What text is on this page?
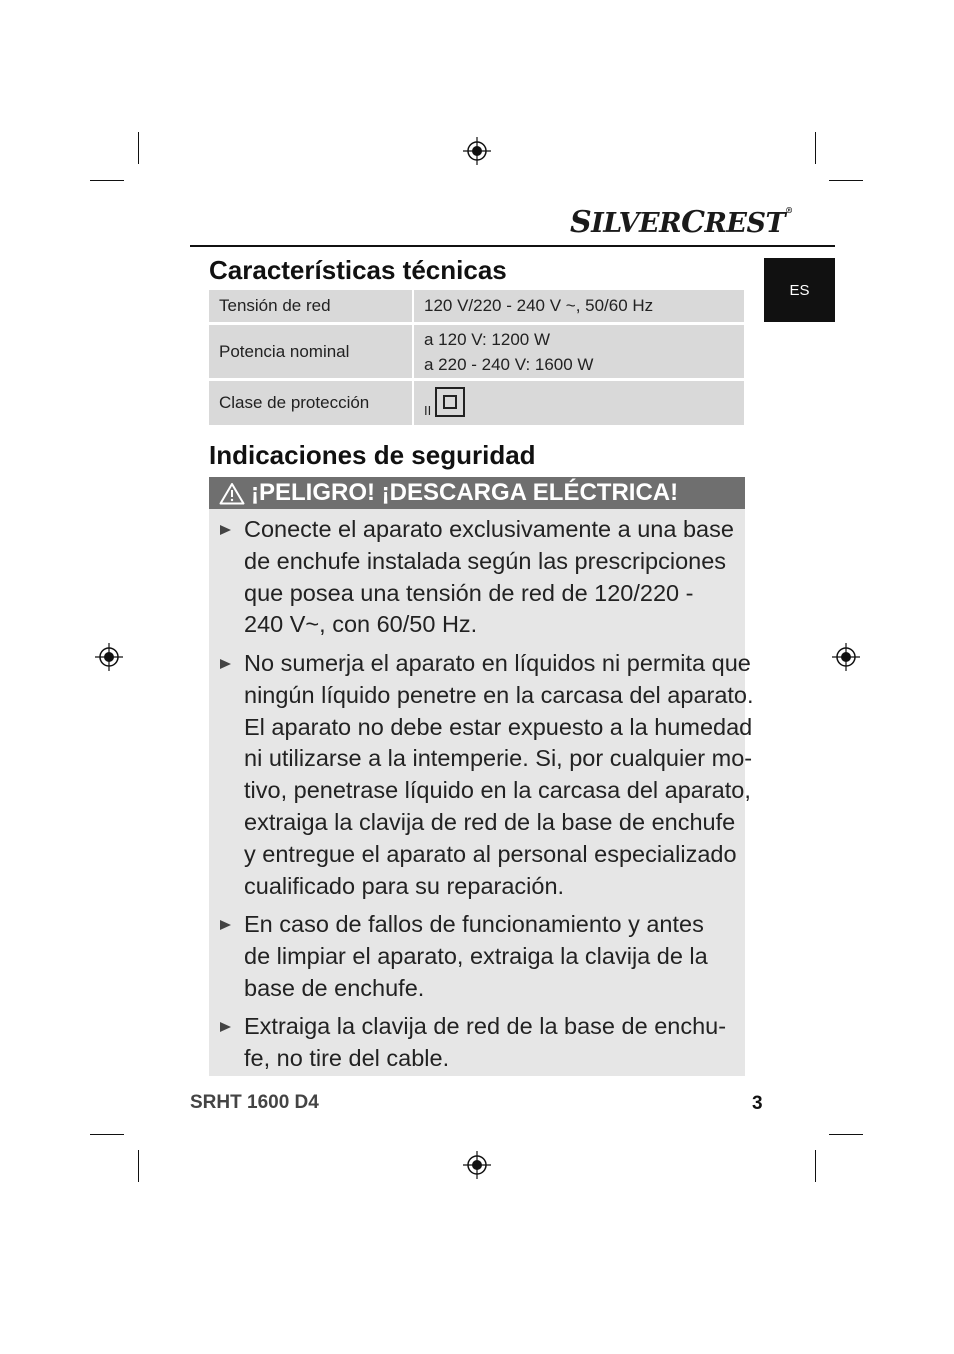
SILVERCREST®
ES
Características técnicas
Tensión de red	120 V/220 - 240 V ~, 50/60 Hz
Potencia nominal	a 120 V: 1200 W
a 220 - 240 V: 1600 W

Clase de protección	II
Indicaciones de seguridad
¡PELIGRO! ¡DESCARGA ELÉCTRICA!
Conecte el aparato exclusivamente a una base
de enchufe instalada según las prescripciones
que posea una tensión de red de 120/220 -
240 V~, con 60/50 Hz.
No sumerja el aparato en líquidos ni permita que
ningún líquido penetre en la carcasa del aparato.
El aparato no debe estar expuesto a la humedad
ni utilizarse a la intemperie. Si, por cualquier mo-
tivo, penetrase líquido en la carcasa del aparato,
extraiga la clavija de red de la base de enchufe
y entregue el aparato al personal especializado
cualificado para su reparación.
En caso de fallos de funcionamiento y antes
de limpiar el aparato, extraiga la clavija de la
base de enchufe.
Extraiga la clavija de red de la base de enchu-
fe, no tire del cable.
SRHT 1600 D4	3
